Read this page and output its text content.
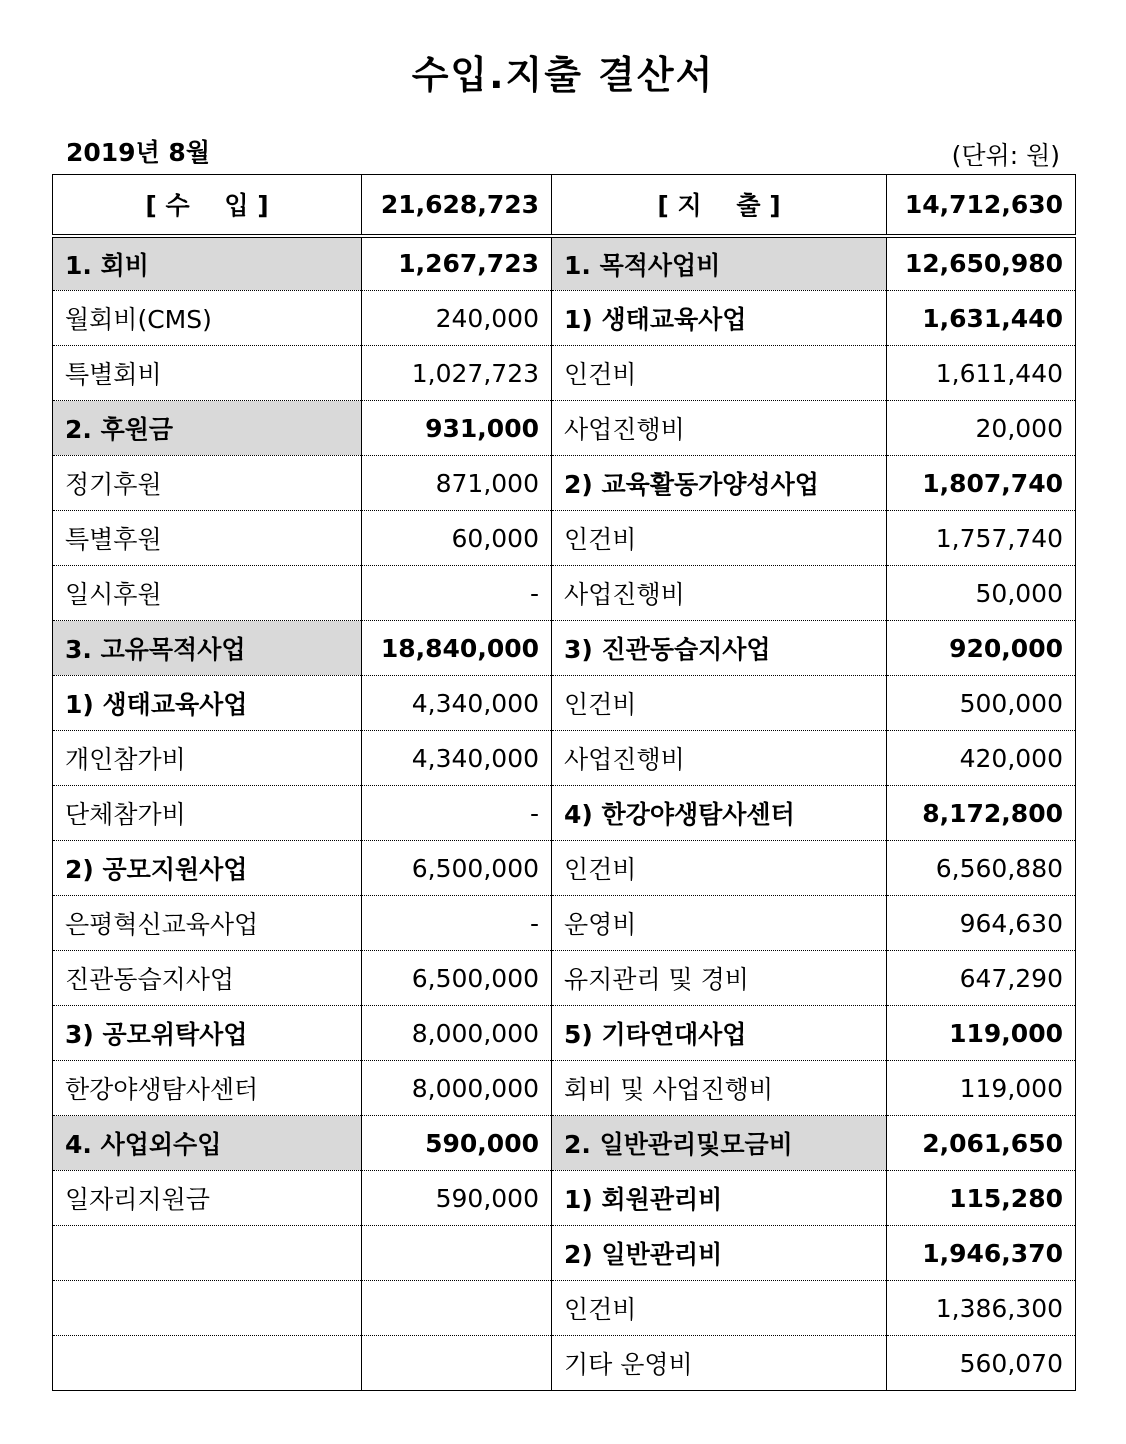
수입.지출 결산서
2019년 8월	(단위: 원)
[ 수    입 ]	21,628,723	[ 지    출 ]	14,712,630
1. 회비	1,267,723	1. 목적사업비	12,650,980
월회비(CMS)	240,000	1) 생태교육사업	1,631,440
특별회비	1,027,723	인건비	1,611,440
2. 후원금	931,000	사업진행비	20,000
정기후원	871,000	2) 교육활동가양성사업	1,807,740
특별후원	60,000	인건비	1,757,740
일시후원	-	사업진행비	50,000
3. 고유목적사업	18,840,000	3) 진관동습지사업	920,000
1) 생태교육사업	4,340,000	인건비	500,000
개인참가비	4,340,000	사업진행비	420,000
단체참가비	-	4) 한강야생탐사센터	8,172,800
2) 공모지원사업	6,500,000	인건비	6,560,880
은평혁신교육사업	-	운영비	964,630
진관동습지사업	6,500,000	유지관리 및 경비	647,290
3) 공모위탁사업	8,000,000	5) 기타연대사업	119,000
한강야생탐사센터	8,000,000	회비 및 사업진행비	119,000
4. 사업외수입	590,000	2. 일반관리및모금비	2,061,650
일자리지원금	590,000	1) 회원관리비	115,280
		2) 일반관리비	1,946,370
		인건비	1,386,300
		기타 운영비	560,070
